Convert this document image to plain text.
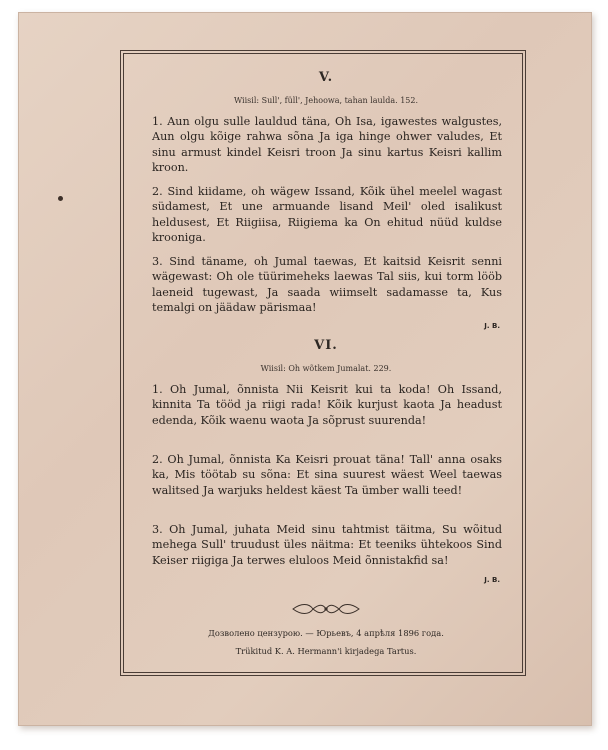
V.
Wiisil: Sull', füll', Jehoowa, tahan laulda. 152.
1. Aun olgu sulle lauldud täna, Oh Isa, igawestes walgustes, Aun olgu kõige rahwa sõna Ja iga hinge ohwer valudes, Et sinu armust kindel Keisri troon Ja sinu kartus Keisri kallim kroon.
2. Sind kiidame, oh wägew Issand, Kõik ühel meelel wagast südamest, Et une armuande lisand Meil' oled isalikust heldusest, Et Riigiisa, Riigiema ka On ehitud nüüd kuldse krooniga.
3. Sind täname, oh Jumal taewas, Et kaitsid Keisrit senni wägewast: Oh ole tüürimeheks laewas Tal siis, kui torm lööb laeneid tugewast, Ja saada wiimselt sadamasse ta, Kus temalgi on jäädaw pärismaa!
J. B.
VI.
Wiisil: Oh wõtkem Jumalat. 229.
1. Oh Jumal, õnnista Nii Keisrit kui ta koda! Oh Issand, kinnita Ta tööd ja riigi rada! Kõik kurjust kaota Ja headust edenda, Kõik waenu waota Ja sõprust suurenda!
2. Oh Jumal, õnnista Ka Keisri prouat täna! Tall' anna osaks ka, Mis töötab su sõna: Et sina suurest wäest Weel taewas walitsed Ja warjuks heldest käest Ta ümber walli teed!
3. Oh Jumal, juhata Meid sinu tahtmist täitma, Su wõitud mehega Sull' truudust üles näitma: Et teeniks ühtekoos Sind Keiser riigiga Ja terwes eluloos Meid õnnistakfid sa!
J. B.
Дозволено цензурою. — Юрьевъ, 4 апрѣля 1896 года.
Trükitud K. A. Hermann'i kirjadega Tartus.
